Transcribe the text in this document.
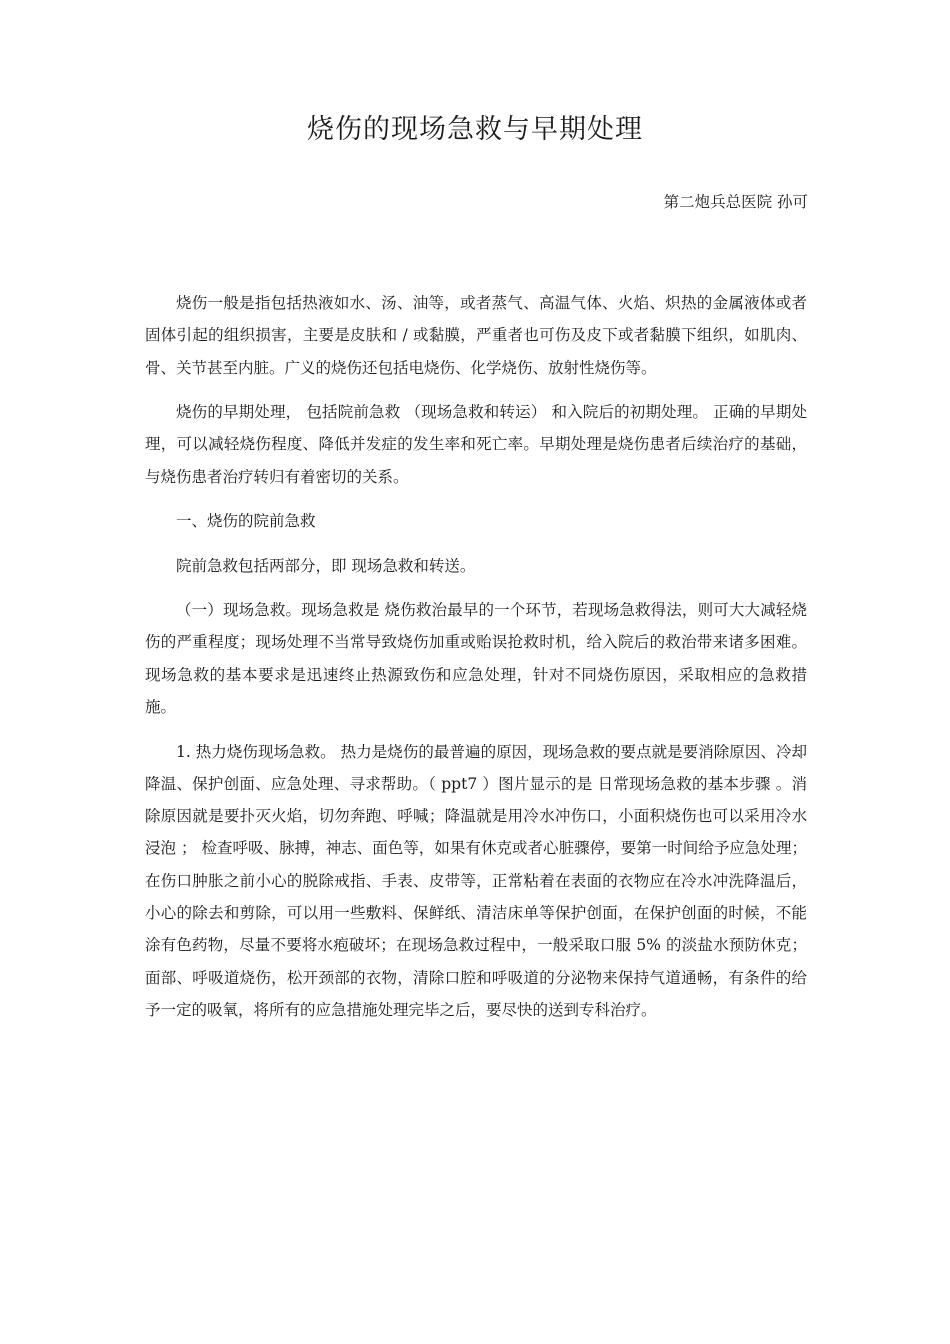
烧伤的现场急救与早期处理
第二炮兵总医院 孙可

烧伤一般是指包括热液如水、汤、油等，或者蒸气、高温气体、火焰、炽热的金属液体或者固体引起的组织损害，主要是皮肤和 / 或黏膜，严重者也可伤及皮下或者黏膜下组织，如肌肉、骨、关节甚至内脏。广义的烧伤还包括电烧伤、化学烧伤、放射性烧伤等。

烧伤的早期处理， 包括院前急救 （现场急救和转运） 和入院后的初期处理。 正确的早期处理，可以减轻烧伤程度、降低并发症的发生率和死亡率。早期处理是烧伤患者后续治疗的基础，与烧伤患者治疗转归有着密切的关系。

一、烧伤的院前急救

院前急救包括两部分，即 现场急救和转送。

（一）现场急救。现场急救是 烧伤救治最早的一个环节，若现场急救得法，则可大大减轻烧伤的严重程度；现场处理不当常导致烧伤加重或贻误抢救时机，给入院后的救治带来诸多困难。现场急救的基本要求是迅速终止热源致伤和应急处理，针对不同烧伤原因，采取相应的急救措施。

1. 热力烧伤现场急救。 热力是烧伤的最普遍的原因，现场急救的要点就是要消除原因、冷却降温、保护创面、应急处理、寻求帮助。（ ppt7 ）图片显示的是 日常现场急救的基本步骤 。消除原因就是要扑灭火焰，切勿奔跑、呼喊；降温就是用冷水冲伤口，小面积烧伤也可以采用冷水浸泡 ； 检查呼吸、脉搏，神志、面色等，如果有休克或者心脏骤停，要第一时间给予应急处理；在伤口肿胀之前小心的脱除戒指、手表、皮带等，正常粘着在表面的衣物应在冷水冲洗降温后，小心的除去和剪除，可以用一些敷料、保鲜纸、清洁床单等保护创面，在保护创面的时候，不能涂有色药物，尽量不要将水疱破坏；在现场急救过程中，一般采取口服 5% 的淡盐水预防休克；面部、呼吸道烧伤，松开颈部的衣物，清除口腔和呼吸道的分泌物来保持气道通畅，有条件的给予一定的吸氧，将所有的应急措施处理完毕之后，要尽快的送到专科治疗。
